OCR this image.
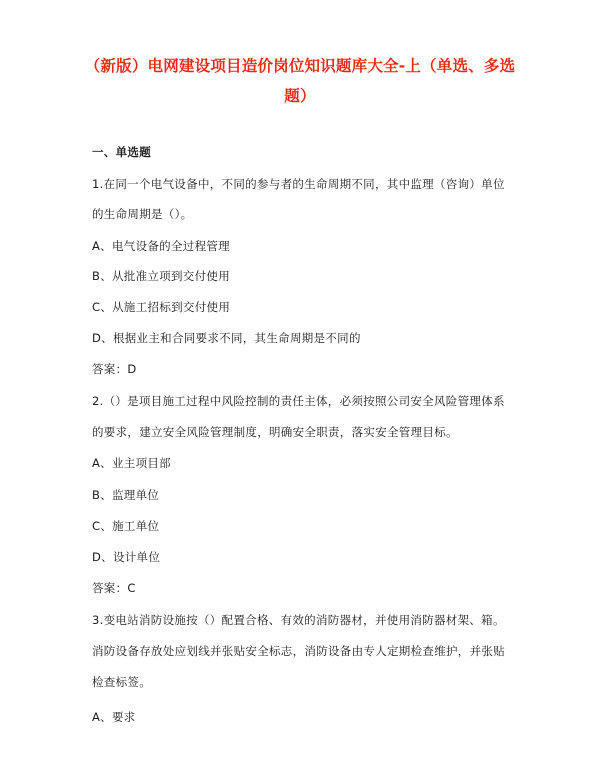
（新版）电网建设项目造价岗位知识题库大全-上（单选、多选
题）
一、单选题
1.在同一个电气设备中，不同的参与者的生命周期不同，其中监理（咨询）单位
的生命周期是（）。
A、电气设备的全过程管理
B、从批准立项到交付使用
C、从施工招标到交付使用
D、根据业主和合同要求不同，其生命周期是不同的
答案：D
2.（）是项目施工过程中风险控制的责任主体，必须按照公司安全风险管理体系
的要求，建立安全风险管理制度，明确安全职责，落实安全管理目标。
A、业主项目部
B、监理单位
C、施工单位
D、设计单位
答案：C
3.变电站消防设施按（）配置合格、有效的消防器材，并使用消防器材架、箱。
消防设备存放处应划线并张贴安全标志，消防设备由专人定期检查维护，并张贴
检查标签。
A、要求
